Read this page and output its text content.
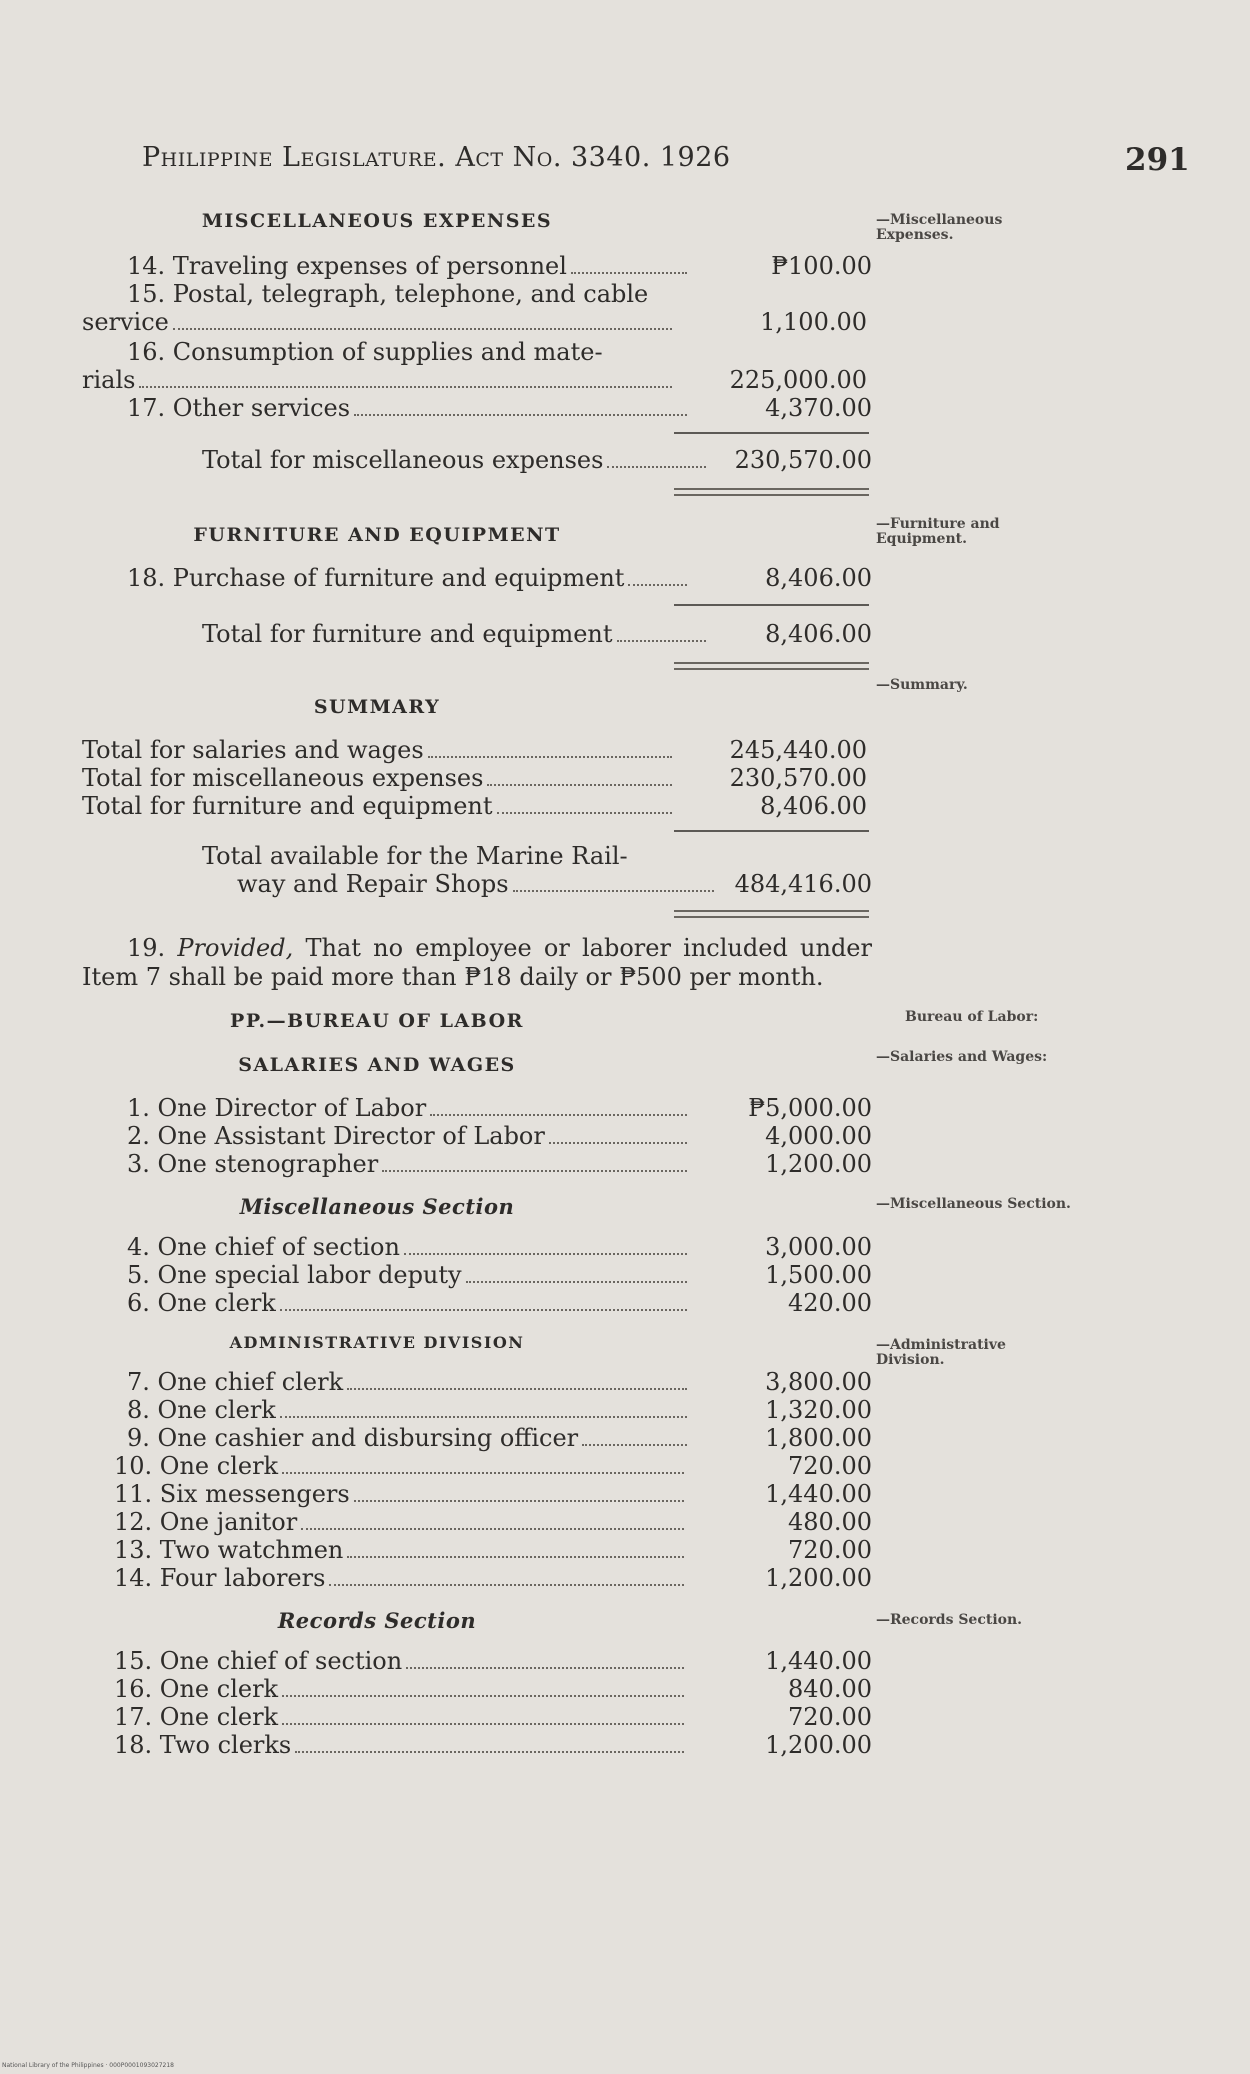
Philippine Legislature. Act No. 3340. 1926	291
—Miscellaneous Expenses.
—Furniture and Equipment.
—Summary.
Bureau of Labor:
—Salaries and Wages:
—Miscellaneous Section.
—Administrative Division.
—Records Section.
MISCELLANEOUS EXPENSES
14. Traveling expenses of personnel	₱100.00
15. Postal, telegraph, telephone, and cable
service	1,100.00
16. Consumption of supplies and mate-
rials	225,000.00
17. Other services	4,370.00
Total for miscellaneous expenses	230,570.00
FURNITURE AND EQUIPMENT
18. Purchase of furniture and equipment	8,406.00
Total for furniture and equipment	8,406.00
SUMMARY
Total for salaries and wages	245,440.00
Total for miscellaneous expenses	230,570.00
Total for furniture and equipment	8,406.00
Total available for the Marine Rail-
way and Repair Shops	484,416.00
19. Provided, That no employee or laborer included under Item 7 shall be paid more than ₱18 daily or ₱500 per month.
PP.—BUREAU OF LABOR
SALARIES AND WAGES
1. One Director of Labor	₱5,000.00
2. One Assistant Director of Labor	4,000.00
3. One stenographer	1,200.00
Miscellaneous Section
4. One chief of section	3,000.00
5. One special labor deputy	1,500.00
6. One clerk	420.00
ADMINISTRATIVE DIVISION
7. One chief clerk	3,800.00
8. One clerk	1,320.00
9. One cashier and disbursing officer	1,800.00
10. One clerk	720.00
11. Six messengers	1,440.00
12. One janitor	480.00
13. Two watchmen	720.00
14. Four laborers	1,200.00
Records Section
15. One chief of section	1,440.00
16. One clerk	840.00
17. One clerk	720.00
18. Two clerks	1,200.00
National Library of the Philippines · 000P0001093027218
